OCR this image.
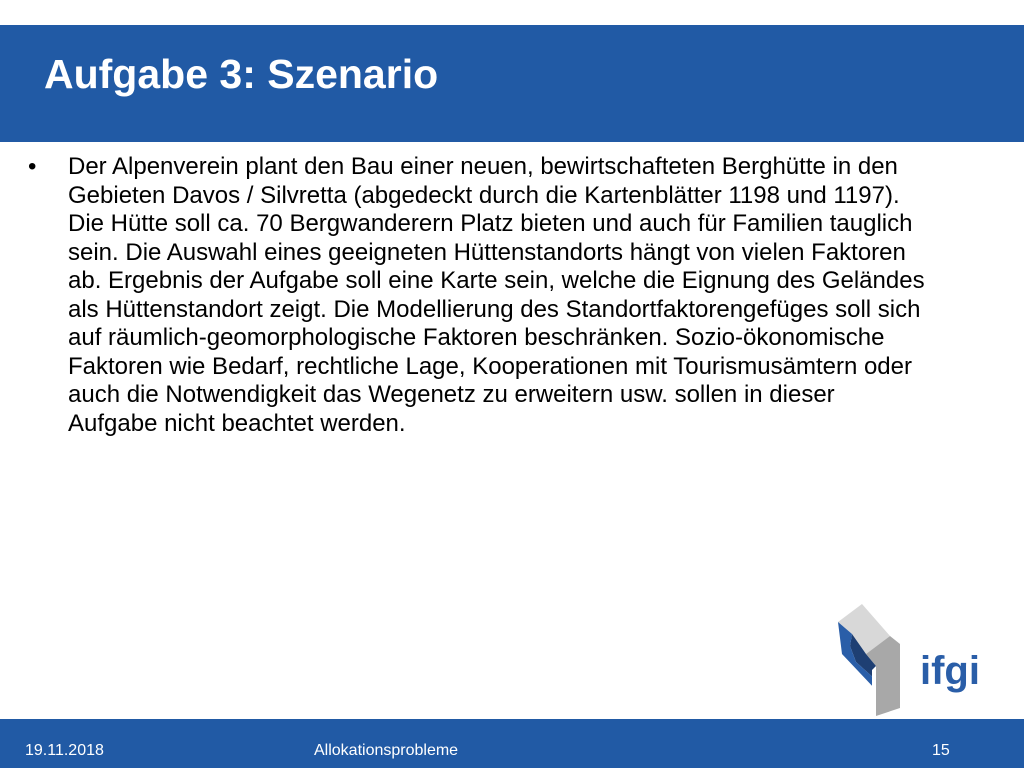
Aufgabe 3: Szenario
•	Der Alpenverein plant den Bau einer neuen, bewirtschafteten Berghütte in den Gebieten Davos / Silvretta (abgedeckt durch die Kartenblätter 1198 und 1197). Die Hütte soll ca. 70 Bergwanderern Platz bieten und auch für Familien tauglich sein. Die Auswahl eines geeigneten Hüttenstandorts hängt von vielen Faktoren ab. Ergebnis der Aufgabe soll eine Karte sein, welche die Eignung des Geländes als Hüttenstandort zeigt. Die Modellierung des Standortfaktorengefüges soll sich auf räumlich-geomorphologische Faktoren beschränken. Sozio-ökonomische Faktoren wie Bedarf, rechtliche Lage, Kooperationen mit Tourismusämtern oder auch die Notwendigkeit das Wegenetz zu erweitern usw. sollen in dieser Aufgabe nicht beachtet werden.

ifgi
19.11.2018	Allokationsprobleme	15
